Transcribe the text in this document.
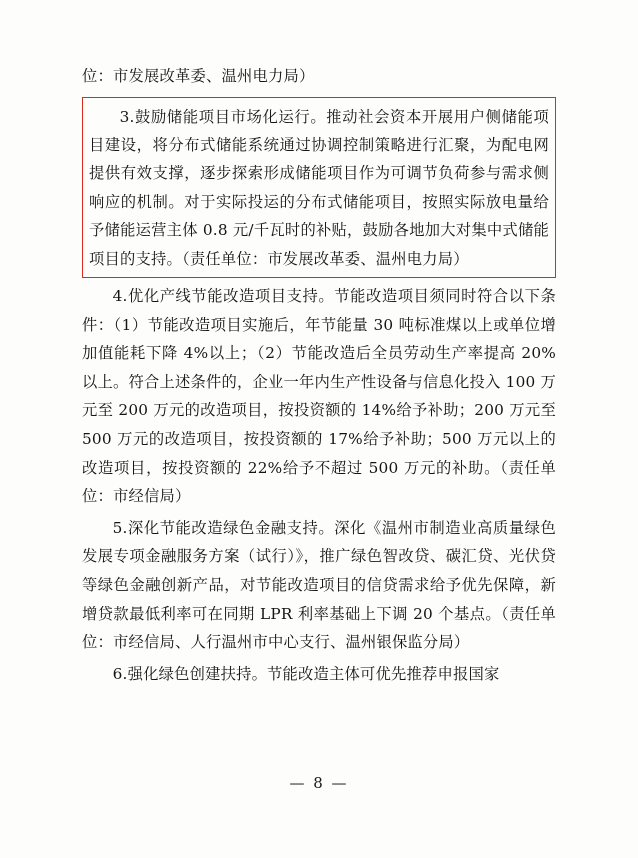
位：市发展改革委、温州电力局）

3.鼓励储能项目市场化运行。推动社会资本开展用户侧储能项目建设，将分布式储能系统通过协调控制策略进行汇聚，为配电网提供有效支撑，逐步探索形成储能项目作为可调节负荷参与需求侧响应的机制。对于实际投运的分布式储能项目，按照实际放电量给予储能运营主体 0.8 元/千瓦时的补贴，鼓励各地加大对集中式储能项目的支持。（责任单位：市发展改革委、温州电力局）

4.优化产线节能改造项目支持。节能改造项目须同时符合以下条件：（1）节能改造项目实施后，年节能量 30 吨标准煤以上或单位增加值能耗下降 4%以上；（2）节能改造后全员劳动生产率提高 20%以上。符合上述条件的，企业一年内生产性设备与信息化投入 100 万元至 200 万元的改造项目，按投资额的 14%给予补助；200 万元至 500 万元的改造项目，按投资额的 17%给予补助；500 万元以上的改造项目，按投资额的 22%给予不超过 500 万元的补助。（责任单位：市经信局）

5.深化节能改造绿色金融支持。深化《温州市制造业高质量绿色发展专项金融服务方案（试行）》，推广绿色智改贷、碳汇贷、光伏贷等绿色金融创新产品，对节能改造项目的信贷需求给予优先保障，新增贷款最低利率可在同期 LPR 利率基础上下调 20 个基点。（责任单位：市经信局、人行温州市中心支行、温州银保监分局）

6.强化绿色创建扶持。节能改造主体可优先推荐申报国家

— 8 —
